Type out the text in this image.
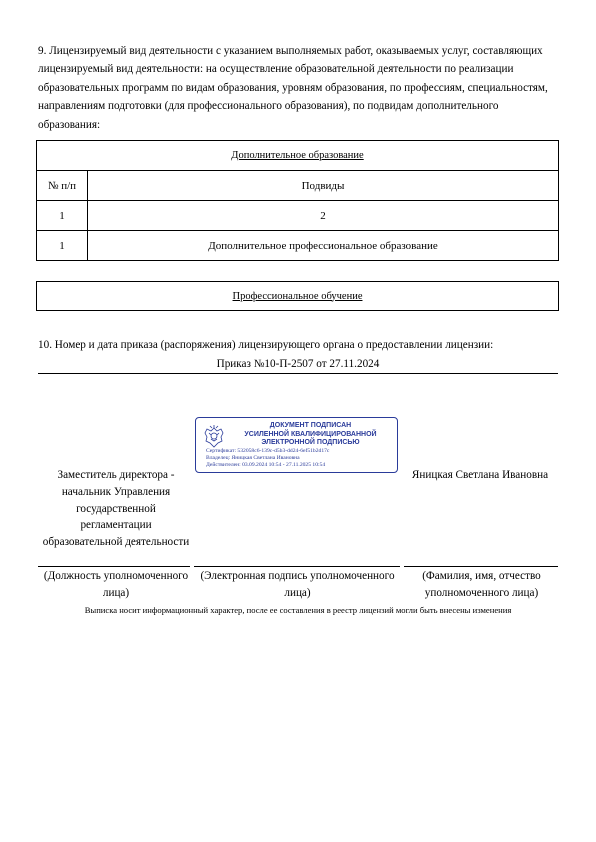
9. Лицензируемый вид деятельности с указанием выполняемых работ, оказываемых услуг, составляющих лицензируемый вид деятельности: на осуществление образовательной деятельности по реализации образовательных программ по видам образования, уровням образования, по профессиям, специальностям, направлениям подготовки (для профессионального образования), по подвидам дополнительного образования:
Дополнительное образование	
№ п/п	Подвиды
1	2
1	Дополнительное профессиональное образование
Профессиональное обучение
10. Номер и дата приказа (распоряжения) лицензирующего органа о предоставлении лицензии:
Приказ №10-П-2507 от 27.11.2024
Заместитель директора - начальник Управления государственной регламентации образовательной деятельности
Яницкая Светлана Ивановна
ДОКУМЕНТ ПОДПИСАН
УСИЛЕННОЙ КВАЛИФИЦИРОВАННОЙ
ЭЛЕКТРОННОЙ ПОДПИСЬЮ
Сертификат: 532058c6-139c-d5b3-dd24-6ef51b2d17c
Владелец: Яницкая Светлана Ивановна
Действителен: 03.09.2024 10:54 - 27.11.2025 10:54
(Должность уполномоченного лица)
(Электронная подпись уполномоченного лица)
(Фамилия, имя, отчество уполномоченного лица)
Выписка носит информационный характер, после ее составления в реестр лицензий могли быть внесены изменения
